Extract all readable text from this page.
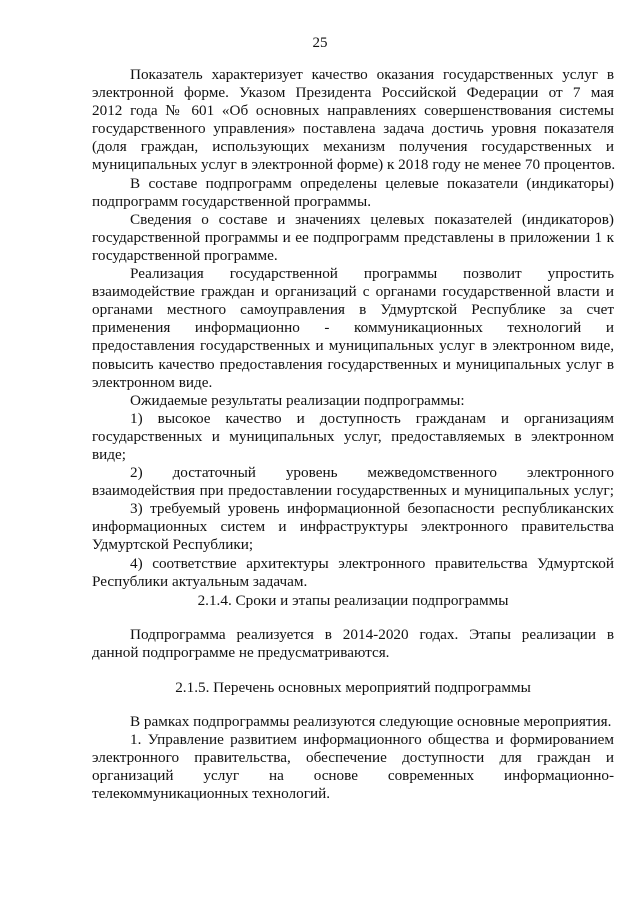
25
Показатель характеризует качество оказания государственных услуг в
электронной форме. Указом Президента Российской Федерации от 7 мая
2012 года № 601 «Об основных направлениях совершенствования системы
государственного управления» поставлена задача достичь уровня показателя
(доля граждан, использующих механизм получения государственных и
муниципальных услуг в электронной форме) к 2018 году не менее 70 процентов.
В составе подпрограмм определены целевые показатели (индикаторы)
подпрограмм государственной программы.
Сведения о составе и значениях целевых показателей (индикаторов)
государственной программы и ее подпрограмм представлены в приложении 1 к
государственной программе.
Реализация государственной программы позволит упростить
взаимодействие граждан и организаций с органами государственной власти и
органами местного самоуправления в Удмуртской Республике за счет
применения информационно - коммуникационных технологий и
предоставления государственных и муниципальных услуг в электронном виде,
повысить качество предоставления государственных и муниципальных услуг в
электронном виде.
Ожидаемые результаты реализации подпрограммы:
1) высокое качество и доступность гражданам и организациям
государственных и муниципальных услуг, предоставляемых в электронном
виде;
2) достаточный уровень межведомственного электронного
взаимодействия при предоставлении государственных и муниципальных услуг;
3) требуемый уровень информационной безопасности республиканских
информационных систем и инфраструктуры электронного правительства
Удмуртской Республики;
4) соответствие архитектуры электронного правительства Удмуртской
Республики актуальным задачам.
2.1.4. Сроки и этапы реализации подпрограммы
Подпрограмма реализуется в 2014-2020 годах. Этапы реализации в
данной подпрограмме не предусматриваются.
2.1.5. Перечень основных мероприятий подпрограммы
В рамках подпрограммы реализуются следующие основные мероприятия.
1. Управление развитием информационного общества и формированием
электронного правительства, обеспечение доступности для граждан и
организаций услуг на основе современных информационно-
телекоммуникационных технологий.
